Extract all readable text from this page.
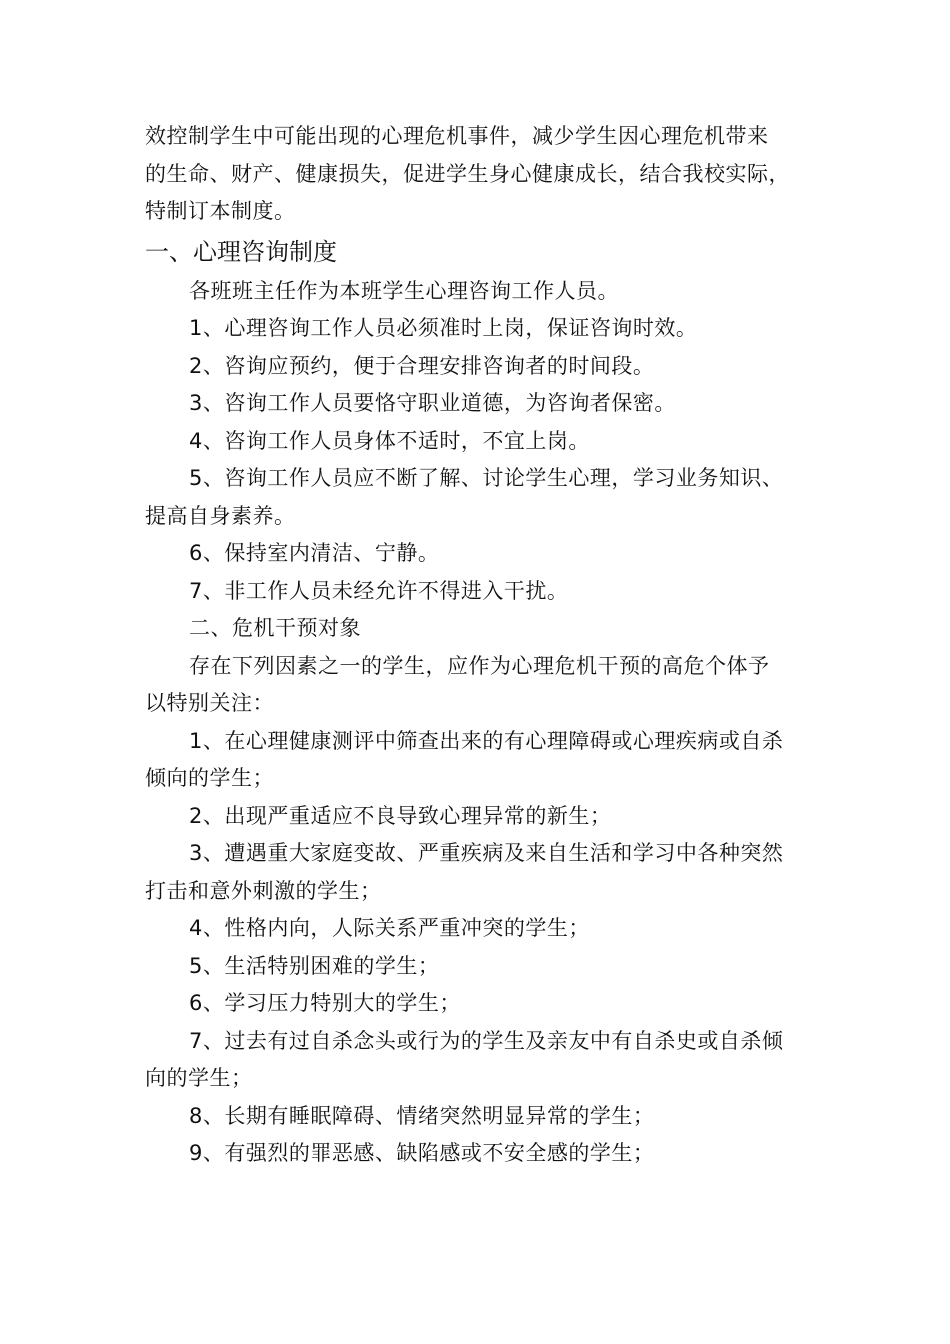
效控制学生中可能出现的心理危机事件，减少学生因心理危机带来
的生命、财产、健康损失，促进学生身心健康成长，结合我校实际，
特制订本制度。
一、心理咨询制度
各班班主任作为本班学生心理咨询工作人员。
1、心理咨询工作人员必须准时上岗，保证咨询时效。
2、咨询应预约，便于合理安排咨询者的时间段。
3、咨询工作人员要恪守职业道德，为咨询者保密。
4、咨询工作人员身体不适时，不宜上岗。
5、咨询工作人员应不断了解、讨论学生心理，学习业务知识、
提高自身素养。
6、保持室内清洁、宁静。
7、非工作人员未经允许不得进入干扰。
二、危机干预对象
存在下列因素之一的学生，应作为心理危机干预的高危个体予
以特别关注：
1、在心理健康测评中筛查出来的有心理障碍或心理疾病或自杀
倾向的学生；
2、出现严重适应不良导致心理异常的新生；
3、遭遇重大家庭变故、严重疾病及来自生活和学习中各种突然
打击和意外刺激的学生；
4、性格内向，人际关系严重冲突的学生；
5、生活特别困难的学生；
6、学习压力特别大的学生；
7、过去有过自杀念头或行为的学生及亲友中有自杀史或自杀倾
向的学生；
8、长期有睡眠障碍、情绪突然明显异常的学生；
9、有强烈的罪恶感、缺陷感或不安全感的学生；
